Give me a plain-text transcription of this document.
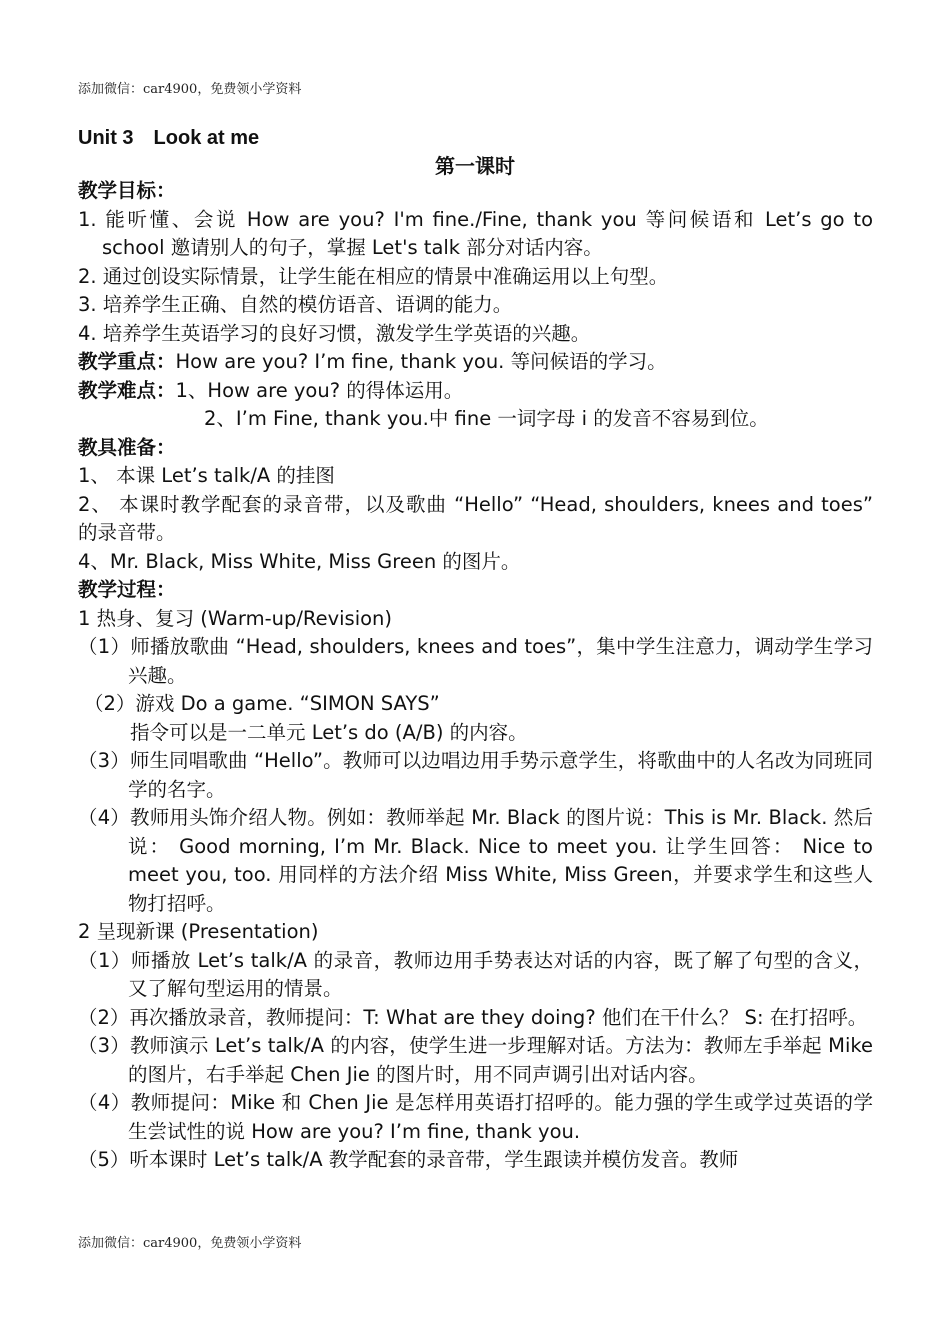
添加微信：car4900，免费领小学资料
Unit 3　Look at me
第一课时

教学目标：

1. 能听懂、会说 How are you? I'm fine./Fine, thank you 等问候语和 Let’s go to school 邀请别人的句子，掌握 Let's talk 部分对话内容。

2. 通过创设实际情景，让学生能在相应的情景中准确运用以上句型。

3. 培养学生正确、自然的模仿语音、语调的能力。

4. 培养学生英语学习的良好习惯，激发学生学英语的兴趣。

教学重点：How are you? I’m fine, thank you. 等问候语的学习。

教学难点：1、How are you? 的得体运用。

2、I’m Fine, thank you.中 fine 一词字母 i 的发音不容易到位。

教具准备：

1、 本课 Let’s talk/A 的挂图

2、 本课时教学配套的录音带，以及歌曲 “Hello” “Head, shoulders, knees and toes” 的录音带。

4、Mr. Black, Miss White, Miss Green 的图片。

教学过程：

1 热身、复习 (Warm-up/Revision)

（1）师播放歌曲 “Head, shoulders, knees and toes”，集中学生注意力，调动学生学习兴趣。

（2）游戏 Do a game. “SIMON SAYS”

指令可以是一二单元 Let’s do (A/B) 的内容。

（3）师生同唱歌曲 “Hello”。教师可以边唱边用手势示意学生，将歌曲中的人名改为同班同学的名字。

（4）教师用头饰介绍人物。例如：教师举起 Mr. Black 的图片说：This is Mr. Black. 然后说： Good morning, I’m Mr. Black. Nice to meet you. 让学生回答： Nice to meet you, too. 用同样的方法介绍 Miss White, Miss Green，并要求学生和这些人物打招呼。

2 呈现新课 (Presentation)

（1）师播放 Let’s talk/A 的录音，教师边用手势表达对话的内容，既了解了句型的含义，又了解句型运用的情景。

（2）再次播放录音，教师提问：T: What are they doing? 他们在干什么？ S: 在打招呼。

（3）教师演示 Let’s talk/A 的内容，使学生进一步理解对话。方法为：教师左手举起 Mike 的图片，右手举起 Chen Jie 的图片时，用不同声调引出对话内容。

（4）教师提问：Mike 和 Chen Jie 是怎样用英语打招呼的。能力强的学生或学过英语的学生尝试性的说 How are you? I’m fine, thank you.

（5）听本课时 Let’s talk/A 教学配套的录音带，学生跟读并模仿发音。教师

添加微信：car4900，免费领小学资料
